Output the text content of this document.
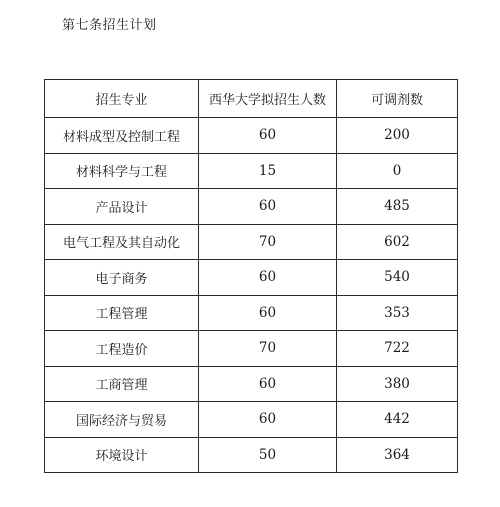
第七条招生计划
招生专业	西华大学拟招生人数	可调剂数
材料成型及控制工程	60	200
材料科学与工程	15	0
产品设计	60	485
电气工程及其自动化	70	602
电子商务	60	540
工程管理	60	353
工程造价	70	722
工商管理	60	380
国际经济与贸易	60	442
环境设计	50	364
